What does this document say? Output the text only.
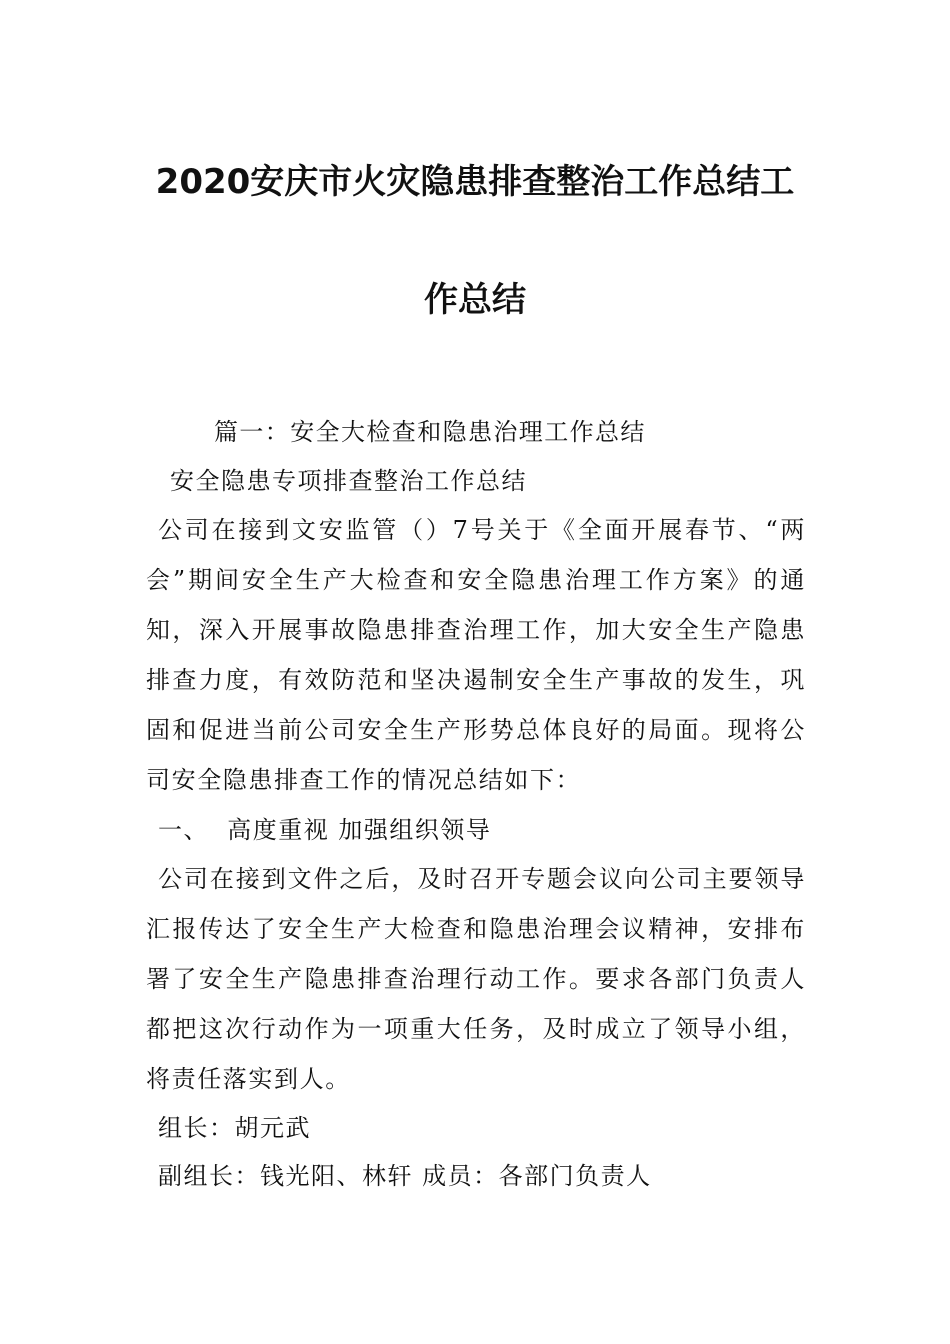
2020安庆市火灾隐患排查整治工作总结工
作总结

篇一：安全大检查和隐患治理工作总结

安全隐患专项排查整治工作总结

公司在接到文安监管（）7号关于《全面开展春节、“两会”期间安全生产大检查和安全隐患治理工作方案》的通知，深入开展事故隐患排查治理工作，加大安全生产隐患排查力度，有效防范和坚决遏制安全生产事故的发生，巩固和促进当前公司安全生产形势总体良好的局面。现将公司安全隐患排查工作的情况总结如下：

一、  高度重视 加强组织领导

公司在接到文件之后，及时召开专题会议向公司主要领导汇报传达了安全生产大检查和隐患治理会议精神，安排布署了安全生产隐患排查治理行动工作。要求各部门负责人都把这次行动作为一项重大任务，及时成立了领导小组，将责任落实到人。

组长：胡元武

副组长：钱光阳、林轩 成员：各部门负责人
